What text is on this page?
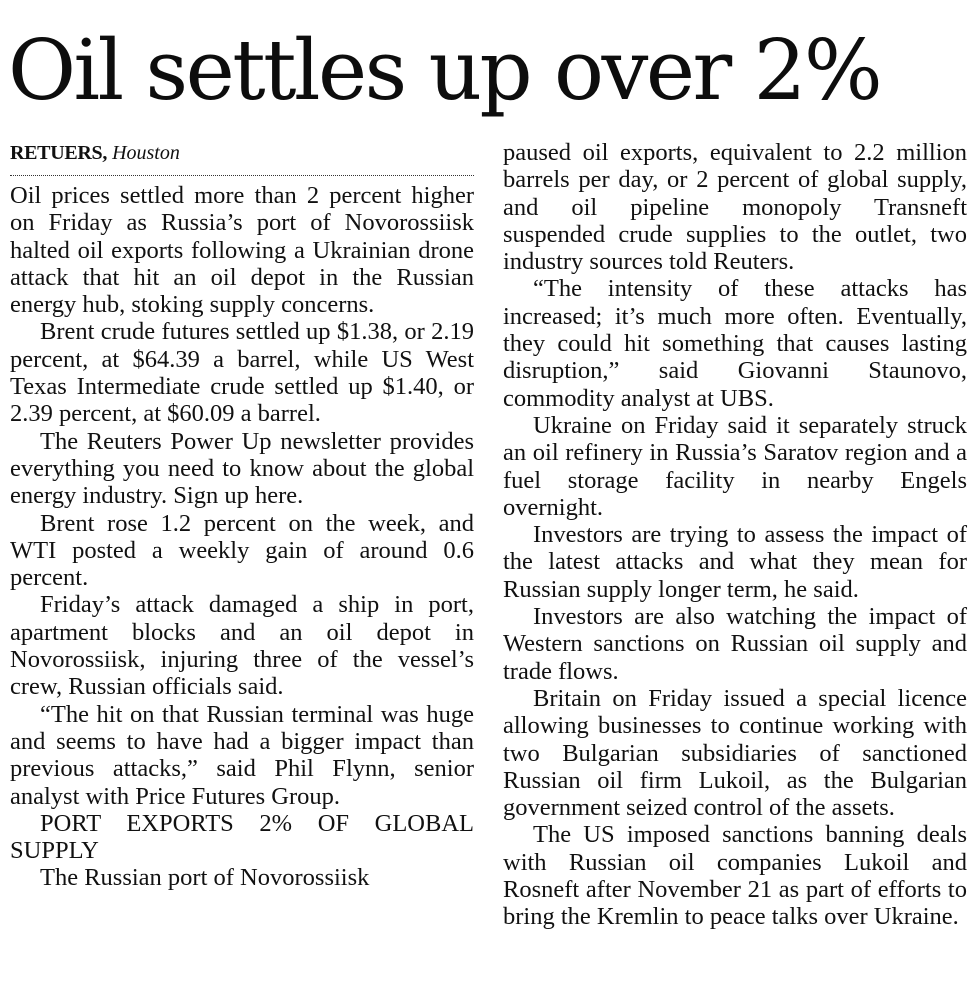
Oil settles up over 2%
RETUERS, Houston

Oil prices settled more than 2 percent higher on Friday as Russia’s port of Novorossiisk halted oil exports following a Ukrainian drone attack that hit an oil depot in the Russian energy hub, stoking supply concerns.

Brent crude futures settled up $1.38, or 2.19 percent, at $64.39 a barrel, while US West Texas Intermediate crude settled up $1.40, or 2.39 percent, at $60.09 a barrel.

The Reuters Power Up newsletter provides everything you need to know about the global energy industry. Sign up here.

Brent rose 1.2 percent on the week, and WTI posted a weekly gain of around 0.6 percent.

Friday’s attack damaged a ship in port, apartment blocks and an oil depot in Novorossiisk, injuring three of the vessel’s crew, Russian officials said.

“The hit on that Russian terminal was huge and seems to have had a bigger impact than previous attacks,” said Phil Flynn, senior analyst with Price Futures Group.

PORT EXPORTS 2% OF GLOBAL SUPPLY

The Russian port of Novorossiisk

paused oil exports, equivalent to 2.2 million barrels per day, or 2 percent of global supply, and oil pipeline monopoly Transneft suspended crude supplies to the outlet, two industry sources told Reuters.

“The intensity of these attacks has increased; it’s much more often. Eventually, they could hit something that causes lasting disruption,” said Giovanni Staunovo, commodity analyst at UBS.

Ukraine on Friday said it separately struck an oil refinery in Russia’s Saratov region and a fuel storage facility in nearby Engels overnight.

Investors are trying to assess the impact of the latest attacks and what they mean for Russian supply longer term, he said.

Investors are also watching the impact of Western sanctions on Russian oil supply and trade flows.

Britain on Friday issued a special licence allowing businesses to continue working with two Bulgarian subsidiaries of sanctioned Russian oil firm Lukoil, as the Bulgarian government seized control of the assets.

The US imposed sanctions banning deals with Russian oil companies Lukoil and Rosneft after November 21 as part of efforts to bring the Kremlin to peace talks over Ukraine.
